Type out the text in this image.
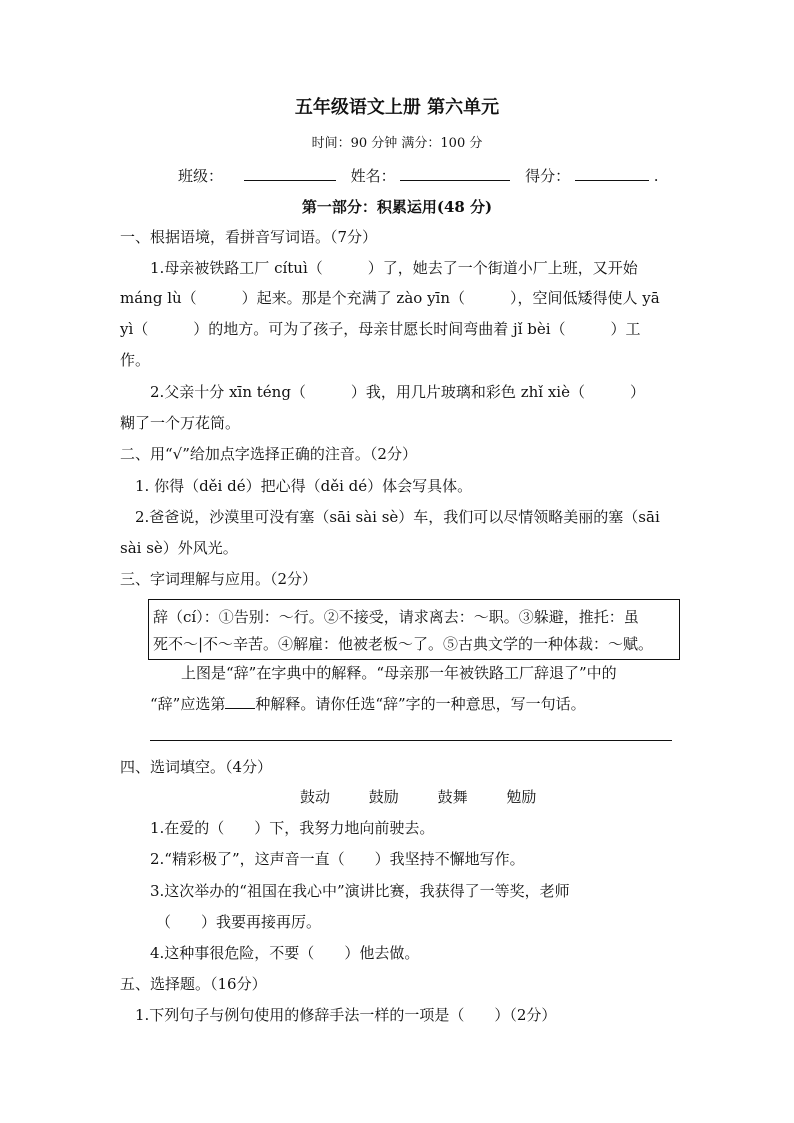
五年级语文上册 第六单元
时间：90 分钟 满分：100 分
班级：	姓名：	得分：	.
第一部分：积累运用(48 分)
一、根据语境，看拼音写词语。（7分）
1.母亲被铁路工厂 cítuì（　　　）了，她去了一个街道小厂上班，又开始
máng lù（　　　）起来。那是个充满了 zào yīn（　　　），空间低矮得使人 yā
yì（　　　）的地方。可为了孩子，母亲甘愿长时间弯曲着 jǐ bèi（　　　）工
作。
2.父亲十分 xīn téng（　　　）我，用几片玻璃和彩色 zhǐ xiè（　　　）
糊了一个万花筒。
二、用“√”给加点字选择正确的注音。（2分）
1. 你得（děi dé）把心得（děi dé）体会写具体。
2.爸爸说，沙漠里可没有塞（sāi sài sè）车，我们可以尽情领略美丽的塞（sāi
sài sè）外风光。
三、字词理解与应用。（2分）
辞（cí）：①告别：～行。②不接受，请求离去：～职。③躲避，推托：虽
死不～|不～辛苦。④解雇：他被老板～了。⑤古典文学的一种体裁：～赋。
上图是“辞”在字典中的解释。“母亲那一年被铁路工厂辞退了”中的
“辞”应选第 种解释。请你任选“辞”字的一种意思，写一句话。
四、选词填空。（4分）
鼓动	鼓励	鼓舞	勉励
1.在爱的（　　）下，我努力地向前驶去。
2.“精彩极了”，这声音一直（　　）我坚持不懈地写作。
3.这次举办的“祖国在我心中”演讲比赛，我获得了一等奖，老师
（　　）我要再接再厉。
4.这种事很危险，不要（　　）他去做。
五、选择题。（16分）
1.下列句子与例句使用的修辞手法一样的一项是（　　）（2分）
